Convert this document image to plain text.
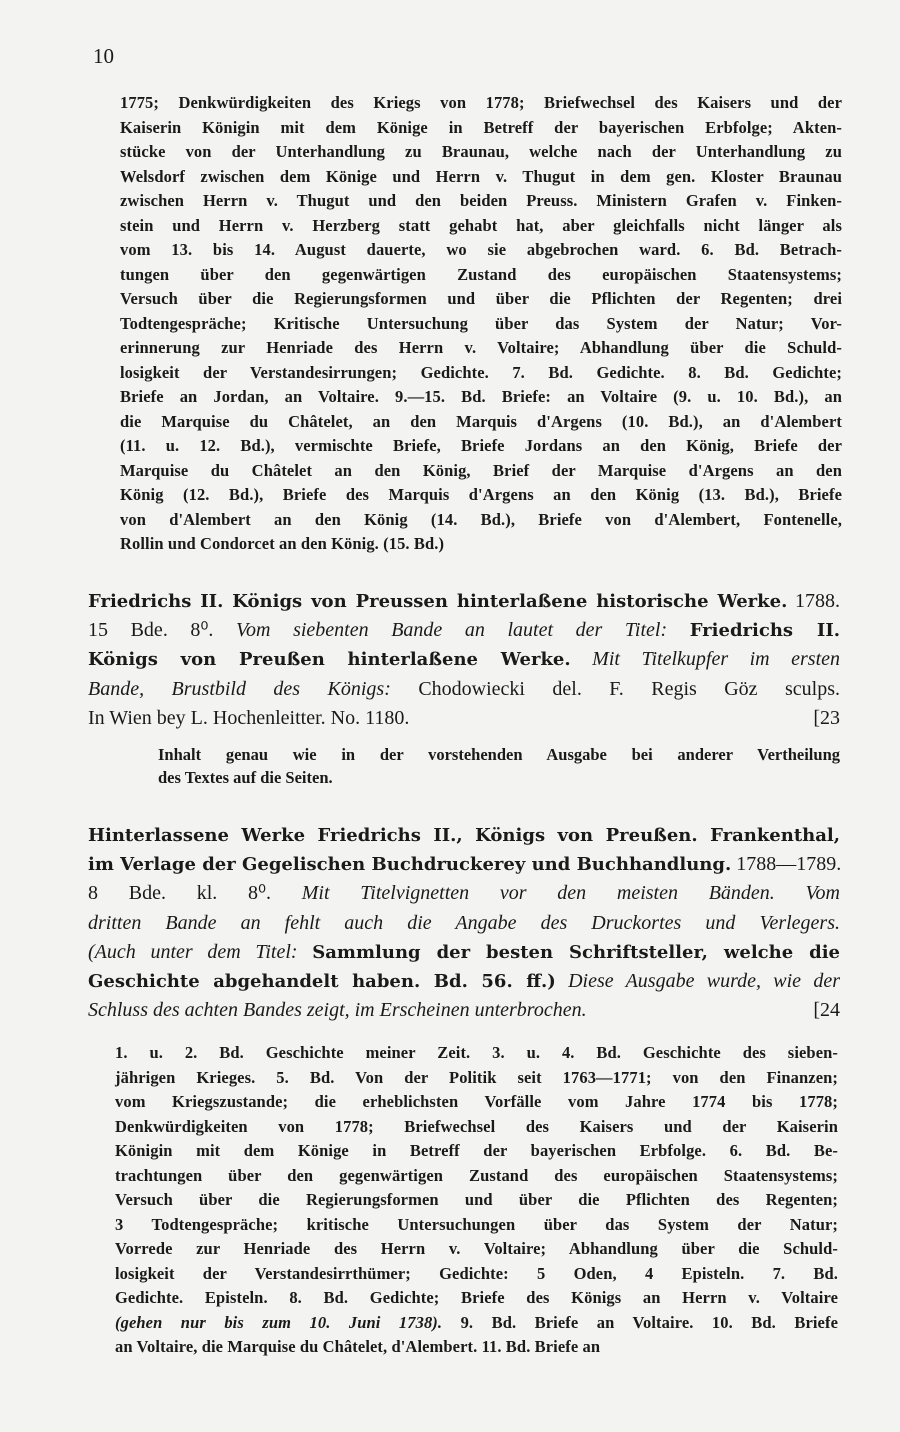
10
1775; Denkwürdigkeiten des Kriegs von 1778; Briefwechsel des Kaisers und der
Kaiserin Königin mit dem Könige in Betreff der bayerischen Erbfolge; Akten-
stücke von der Unterhandlung zu Braunau, welche nach der Unterhandlung zu
Welsdorf zwischen dem Könige und Herrn v. Thugut in dem gen. Kloster Braunau
zwischen Herrn v. Thugut und den beiden Preuss. Ministern Grafen v. Finken-
stein und Herrn v. Herzberg statt gehabt hat, aber gleichfalls nicht länger als
vom 13. bis 14. August dauerte, wo sie abgebrochen ward. 6. Bd. Betrach-
tungen über den gegenwärtigen Zustand des europäischen Staatensystems;
Versuch über die Regierungsformen und über die Pflichten der Regenten; drei
Todtengespräche; Kritische Untersuchung über das System der Natur; Vor-
erinnerung zur Henriade des Herrn v. Voltaire; Abhandlung über die Schuld-
losigkeit der Verstandesirrungen; Gedichte. 7. Bd. Gedichte. 8. Bd. Gedichte;
Briefe an Jordan, an Voltaire. 9.—15. Bd. Briefe: an Voltaire (9. u. 10. Bd.), an
die Marquise du Châtelet, an den Marquis d'Argens (10. Bd.), an d'Alembert
(11. u. 12. Bd.), vermischte Briefe, Briefe Jordans an den König, Briefe der
Marquise du Châtelet an den König, Brief der Marquise d'Argens an den
König (12. Bd.), Briefe des Marquis d'Argens an den König (13. Bd.), Briefe
von d'Alembert an den König (14. Bd.), Briefe von d'Alembert, Fontenelle,
Rollin und Condorcet an den König. (15. Bd.)
Friedrichs II. Königs von Preussen hinterlaßene historische Werke. 1788.
15 Bde. 8⁰. Vom siebenten Bande an lautet der Titel: Friedrichs II.
Königs von Preußen hinterlaßene Werke. Mit Titelkupfer im ersten
Bande, Brustbild des Königs: Chodowiecki del. F. Regis Göz sculps.
In Wien bey L. Hochenleitter. No. 1180.	[23
Inhalt genau wie in der vorstehenden Ausgabe bei anderer Vertheilung
des Textes auf die Seiten.
Hinterlassene Werke Friedrichs II., Königs von Preußen. Frankenthal,
im Verlage der Gegelischen Buchdruckerey und Buchhandlung. 1788—1789.
8 Bde. kl. 8⁰. Mit Titelvignetten vor den meisten Bänden. Vom
dritten Bande an fehlt auch die Angabe des Druckortes und Verlegers.
(Auch unter dem Titel: Sammlung der besten Schriftsteller, welche die
Geschichte abgehandelt haben. Bd. 56. ff.) Diese Ausgabe wurde, wie der
Schluss des achten Bandes zeigt, im Erscheinen unterbrochen.	[24
1. u. 2. Bd. Geschichte meiner Zeit. 3. u. 4. Bd. Geschichte des sieben-
jährigen Krieges. 5. Bd. Von der Politik seit 1763—1771; von den Finanzen;
vom Kriegszustande; die erheblichsten Vorfälle vom Jahre 1774 bis 1778;
Denkwürdigkeiten von 1778; Briefwechsel des Kaisers und der Kaiserin
Königin mit dem Könige in Betreff der bayerischen Erbfolge. 6. Bd. Be-
trachtungen über den gegenwärtigen Zustand des europäischen Staatensystems;
Versuch über die Regierungsformen und über die Pflichten des Regenten;
3 Todtengespräche; kritische Untersuchungen über das System der Natur;
Vorrede zur Henriade des Herrn v. Voltaire; Abhandlung über die Schuld-
losigkeit der Verstandesirrthümer; Gedichte: 5 Oden, 4 Episteln. 7. Bd.
Gedichte. Episteln. 8. Bd. Gedichte; Briefe des Königs an Herrn v. Voltaire
(gehen nur bis zum 10. Juni 1738). 9. Bd. Briefe an Voltaire. 10. Bd. Briefe
an Voltaire, die Marquise du Châtelet, d'Alembert. 11. Bd. Briefe an
